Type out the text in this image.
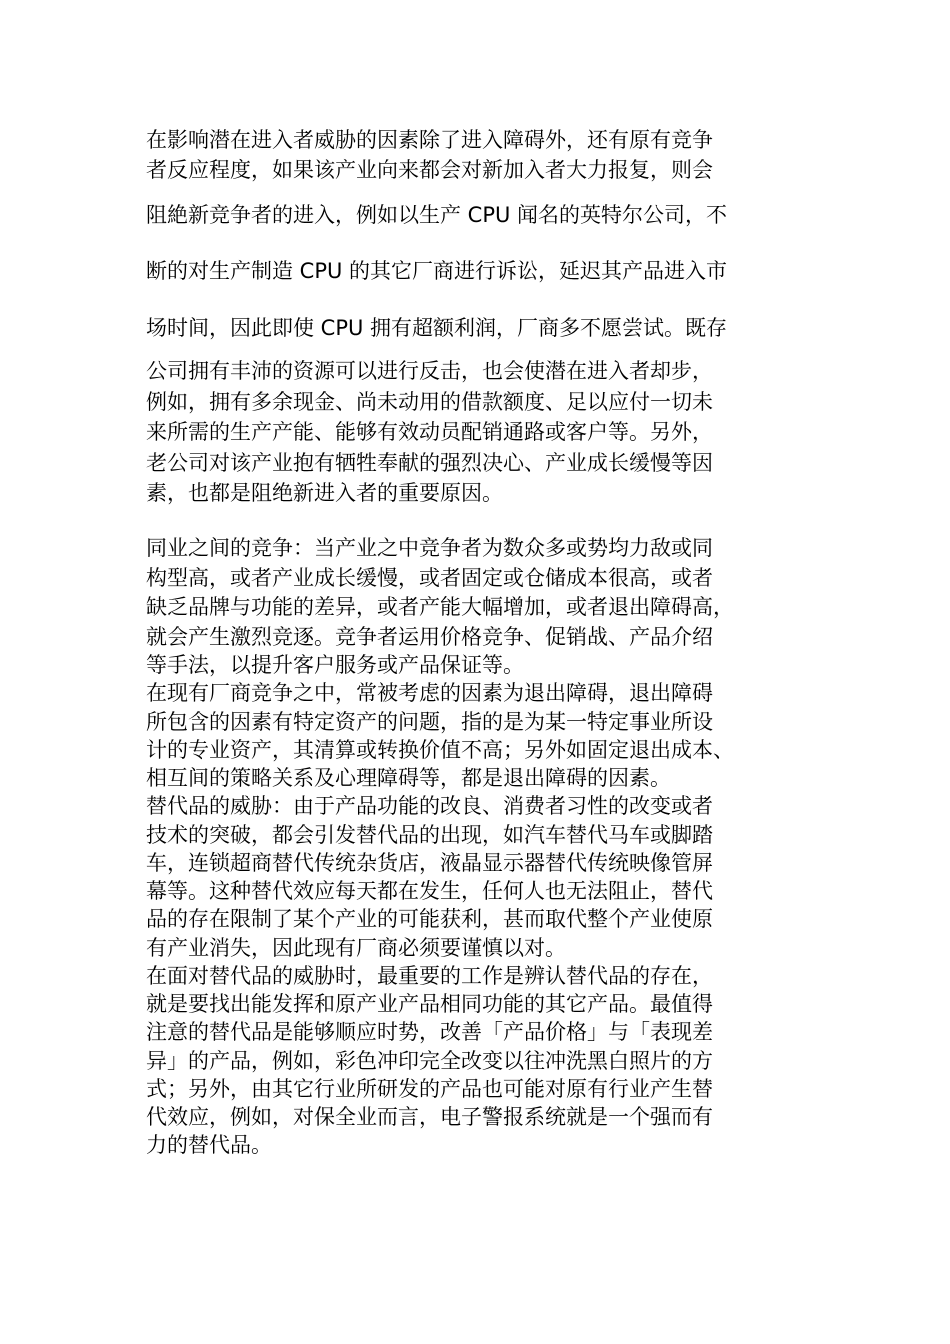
在影响潜在进入者威胁的因素除了进入障碍外，还有原有竞争
者反应程度，如果该产业向来都会对新加入者大力报复，则会
阻絶新竞争者的进入，例如以生产 CPU 闻名的英特尔公司，不
断的对生产制造 CPU 的其它厂商进行诉讼，延迟其产品进入市
场时间，因此即使 CPU 拥有超额利润，厂商多不愿尝试。既存
公司拥有丰沛的资源可以进行反击，也会使潜在进入者却步，
例如，拥有多余现金、尚未动用的借款额度、足以应付一切未
来所需的生产产能、能够有效动员配销通路或客户等。另外，
老公司对该产业抱有牺牲奉献的强烈决心、产业成长缓慢等因
素，也都是阻绝新进入者的重要原因。
同业之间的竞争：当产业之中竞争者为数众多或势均力敌或同
构型高，或者产业成长缓慢，或者固定或仓储成本很高，或者
缺乏品牌与功能的差异，或者产能大幅增加，或者退出障碍高，
就会产生激烈竞逐。竞争者运用价格竞争、促销战、产品介绍
等手法，以提升客户服务或产品保证等。
在现有厂商竞争之中，常被考虑的因素为退出障碍，退出障碍
所包含的因素有特定资产的问题，指的是为某一特定事业所设
计的专业资产，其清算或转换价值不高；另外如固定退出成本、
相互间的策略关系及心理障碍等，都是退出障碍的因素。
替代品的威胁：由于产品功能的改良、消费者习性的改变或者
技术的突破，都会引发替代品的出现，如汽车替代马车或脚踏
车，连锁超商替代传统杂货店，液晶显示器替代传统映像管屏
幕等。这种替代效应每天都在发生，任何人也无法阻止，替代
品的存在限制了某个产业的可能获利，甚而取代整个产业使原
有产业消失，因此现有厂商必须要谨慎以对。
在面对替代品的威胁时，最重要的工作是辨认替代品的存在，
就是要找出能发挥和原产业产品相同功能的其它产品。最值得
注意的替代品是能够顺应时势，改善「产品价格」与「表现差
异」的产品，例如，彩色冲印完全改变以往冲洗黑白照片的方
式；另外，由其它行业所研发的产品也可能对原有行业产生替
代效应，例如，对保全业而言，电子警报系统就是一个强而有
力的替代品。
